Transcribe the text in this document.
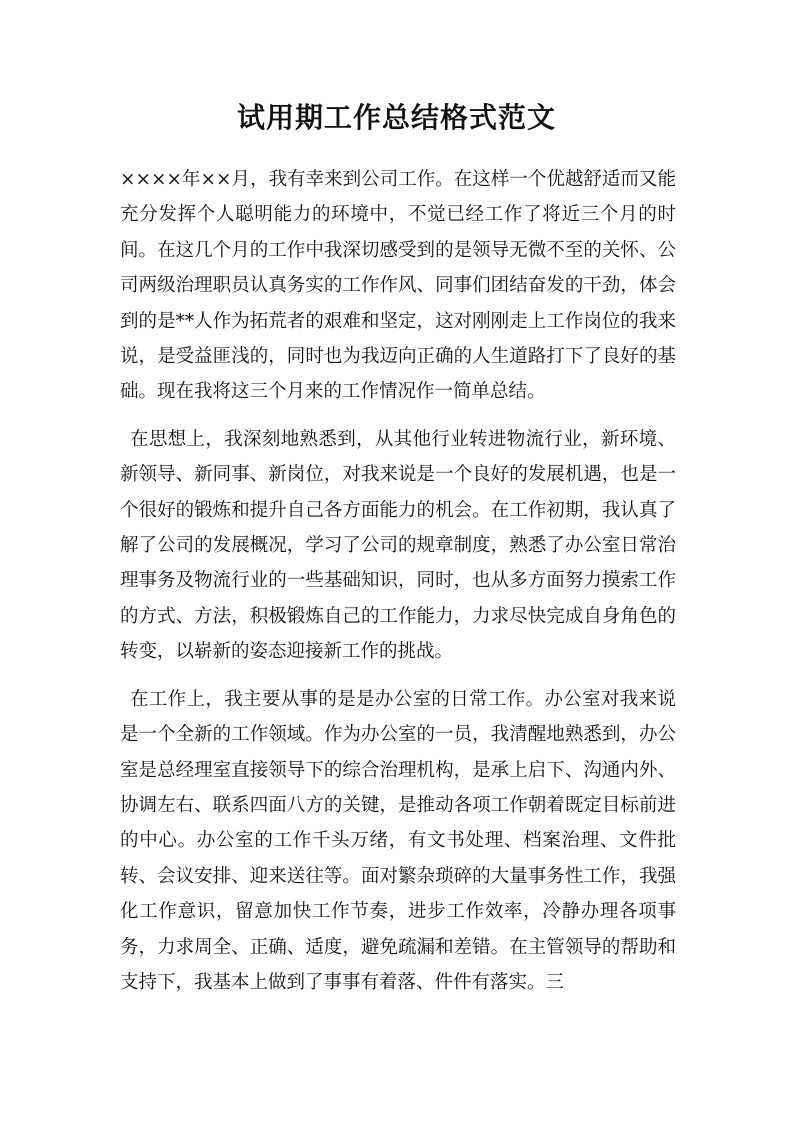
试用期工作总结格式范文

××××年××月，我有幸来到公司工作。在这样一个优越舒适而又能充分发挥个人聪明能力的环境中，不觉已经工作了将近三个月的时间。在这几个月的工作中我深切感受到的是领导无微不至的关怀、公司两级治理职员认真务实的工作作风、同事们团结奋发的干劲，体会到的是**人作为拓荒者的艰难和坚定，这对刚刚走上工作岗位的我来说，是受益匪浅的，同时也为我迈向正确的人生道路打下了良好的基础。现在我将这三个月来的工作情况作一简单总结。

在思想上，我深刻地熟悉到，从其他行业转进物流行业，新环境、新领导、新同事、新岗位，对我来说是一个良好的发展机遇，也是一个很好的锻炼和提升自己各方面能力的机会。在工作初期，我认真了解了公司的发展概况，学习了公司的规章制度，熟悉了办公室日常治理事务及物流行业的一些基础知识，同时，也从多方面努力摸索工作的方式、方法，积极锻炼自己的工作能力，力求尽快完成自身角色的转变，以崭新的姿态迎接新工作的挑战。

在工作上，我主要从事的是是办公室的日常工作。办公室对我来说是一个全新的工作领域。作为办公室的一员，我清醒地熟悉到，办公室是总经理室直接领导下的综合治理机构，是承上启下、沟通内外、协调左右、联系四面八方的关键，是推动各项工作朝着既定目标前进的中心。办公室的工作千头万绪，有文书处理、档案治理、文件批转、会议安排、迎来送往等。面对繁杂琐碎的大量事务性工作，我强化工作意识，留意加快工作节奏，进步工作效率，冷静办理各项事务，力求周全、正确、适度，避免疏漏和差错。在主管领导的帮助和支持下，我基本上做到了事事有着落、件件有落实。三
